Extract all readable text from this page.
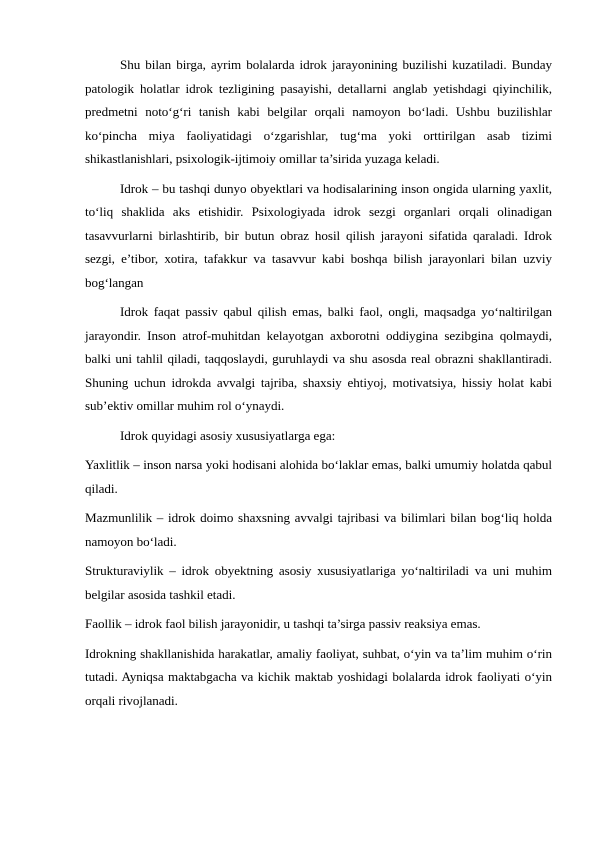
Shu bilan birga, ayrim bolalarda idrok jarayonining buzilishi kuzatiladi. Bunday patologik holatlar idrok tezligining pasayishi, detallarni anglab yetishdagi qiyinchilik, predmetni noto‘g‘ri tanish kabi belgilar orqali namoyon bo‘ladi. Ushbu buzilishlar ko‘pincha miya faoliyatidagi o‘zgarishlar, tug‘ma yoki orttirilgan asab tizimi shikastlanishlari, psixologik-ijtimoiy omillar ta’sirida yuzaga keladi.

Idrok – bu tashqi dunyo obyektlari va hodisalarining inson ongida ularning yaxlit, to‘liq shaklida aks etishidir. Psixologiyada idrok sezgi organlari orqali olinadigan tasavvurlarni birlashtirib, bir butun obraz hosil qilish jarayoni sifatida qaraladi. Idrok sezgi, e’tibor, xotira, tafakkur va tasavvur kabi boshqa bilish jarayonlari bilan uzviy bog‘langan

Idrok faqat passiv qabul qilish emas, balki faol, ongli, maqsadga yo‘naltirilgan jarayondir. Inson atrof-muhitdan kelayotgan axborotni oddiygina sezibgina qolmaydi, balki uni tahlil qiladi, taqqoslaydi, guruhlaydi va shu asosda real obrazni shakllantiradi. Shuning uchun idrokda avvalgi tajriba, shaxsiy ehtiyoj, motivatsiya, hissiy holat kabi sub’ektiv omillar muhim rol o‘ynaydi.

Idrok quyidagi asosiy xususiyatlarga ega:

Yaxlitlik – inson narsa yoki hodisani alohida bo‘laklar emas, balki umumiy holatda qabul qiladi.

Mazmunlilik – idrok doimo shaxsning avvalgi tajribasi va bilimlari bilan bog‘liq holda namoyon bo‘ladi.

Strukturaviylik – idrok obyektning asosiy xususiyatlariga yo‘naltiriladi va uni muhim belgilar asosida tashkil etadi.

Faollik – idrok faol bilish jarayonidir, u tashqi ta’sirga passiv reaksiya emas.

Idrokning shakllanishida harakatlar, amaliy faoliyat, suhbat, o‘yin va ta’lim muhim o‘rin tutadi. Ayniqsa maktabgacha va kichik maktab yoshidagi bolalarda idrok faoliyati o‘yin orqali rivojlanadi.
